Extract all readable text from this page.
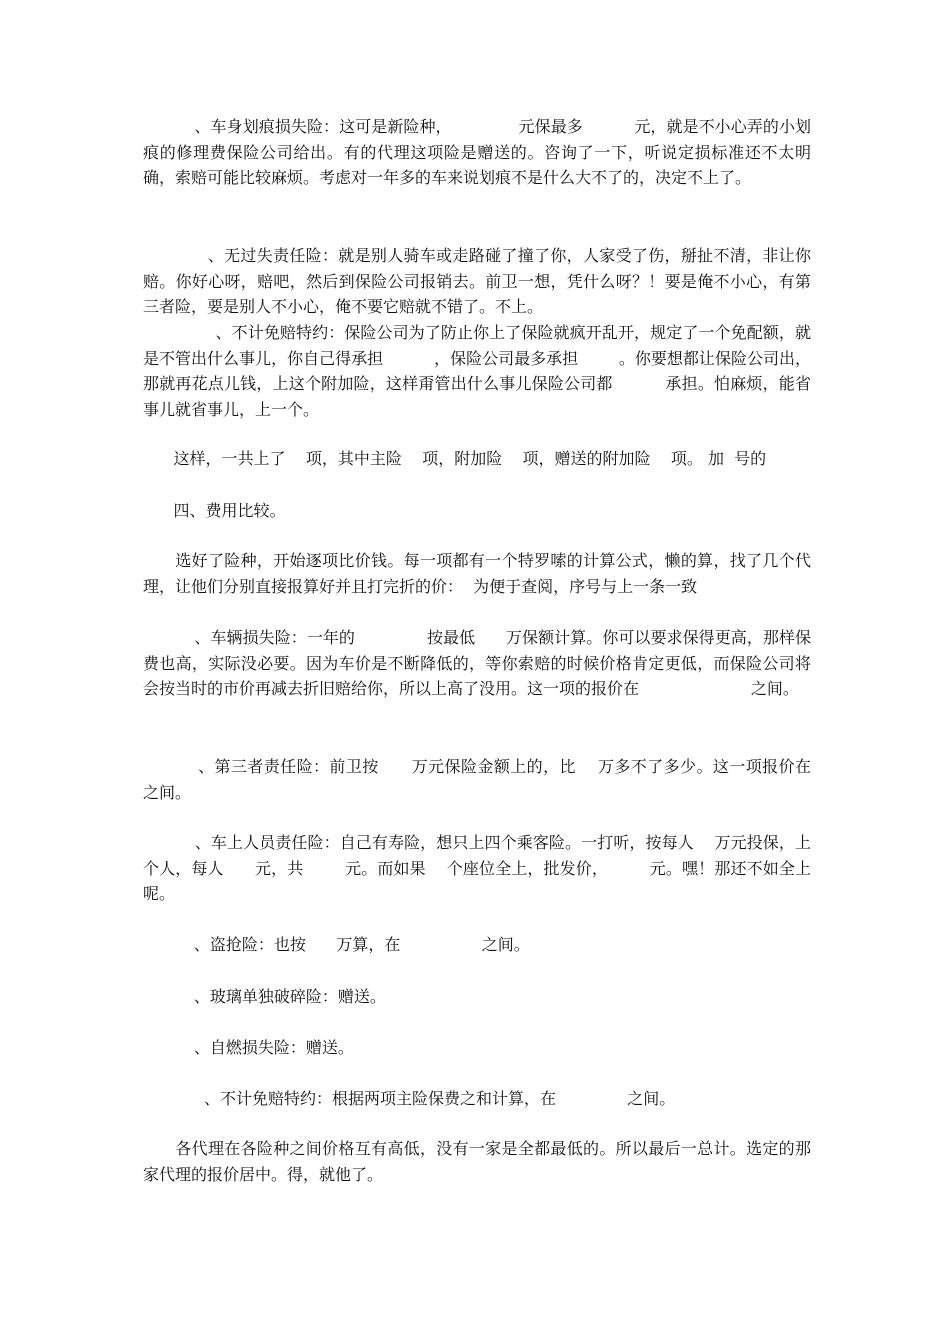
、车身划痕损失险：这可是新险种，             元保最多          元，就是不小心弄的小划痕的修理费保险公司给出。有的代理这项险是赠送的。咨询了一下，听说定损标准还不太明确，索赔可能比较麻烦。考虑对一年多的车来说划痕不是什么大不了的，决定不上了。

、无过失责任险：就是别人骑车或走路碰了撞了你，人家受了伤，掰扯不清，非让你赔。你好心呀，赔吧，然后到保险公司报销去。前卫一想，凭什么呀？！要是俺不小心，有第三者险，要是别人不小心，俺不要它赔就不错了。不上。

、不计免赔特约：保险公司为了防止你上了保险就疯开乱开，规定了一个免配额，就是不管出什么事儿，你自己得承担          ，保险公司最多承担        。你要想都让保险公司出，那就再花点儿钱，上这个附加险，这样甭管出什么事儿保险公司都          承担。怕麻烦，能省事儿就省事儿，上一个。

这样，一共上了    项，其中主险    项，附加险    项，赠送的附加险    项。 加  号的

四、费用比较。

选好了险种，开始逐项比价钱。每一项都有一个特罗嗦的计算公式，懒的算，找了几个代理，让他们分别直接报算好并且打完折的价：  为便于查阅，序号与上一条一致

、车辆损失险：一年的              按最低      万保额计算。你可以要求保得更高，那样保费也高，实际没必要。因为车价是不断降低的，等你索赔的时候价格肯定更低，而保险公司将会按当时的市价再减去折旧赔给你，所以上高了没用。这一项的报价在                      之间。

、第三者责任险：前卫按      万元保险金额上的，比    万多不了多少。这一项报价在              之间。

、车上人员责任险：自己有寿险，想只上四个乘客险。一打听，按每人    万元投保，上        个人，每人      元，共        元。而如果    个座位全上，批发价，        元。嘿！那还不如全上呢。

、盗抢险：也按      万算，在                之间。

、玻璃单独破碎险：赠送。

、自燃损失险：赠送。

、不计免赔特约：根据两项主险保费之和计算，在              之间。

各代理在各险种之间价格互有高低，没有一家是全都最低的。所以最后一总计。选定的那家代理的报价居中。得，就他了。
